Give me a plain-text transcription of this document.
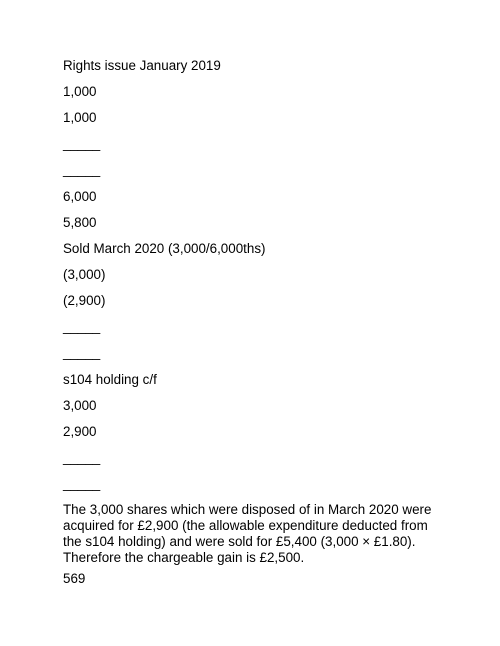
Rights issue January 2019
1,000
1,000
_____
_____
6,000
5,800
Sold March 2020 (3,000/6,000ths)
(3,000)
(2,900)
_____
_____
s104 holding c/f
3,000
2,900
_____
_____
The 3,000 shares which were disposed of in March 2020 were acquired for £2,900 (the allowable expenditure deducted from the s104 holding) and were sold for £5,400 (3,000 × £1.80). Therefore the chargeable gain is £2,500.
569
